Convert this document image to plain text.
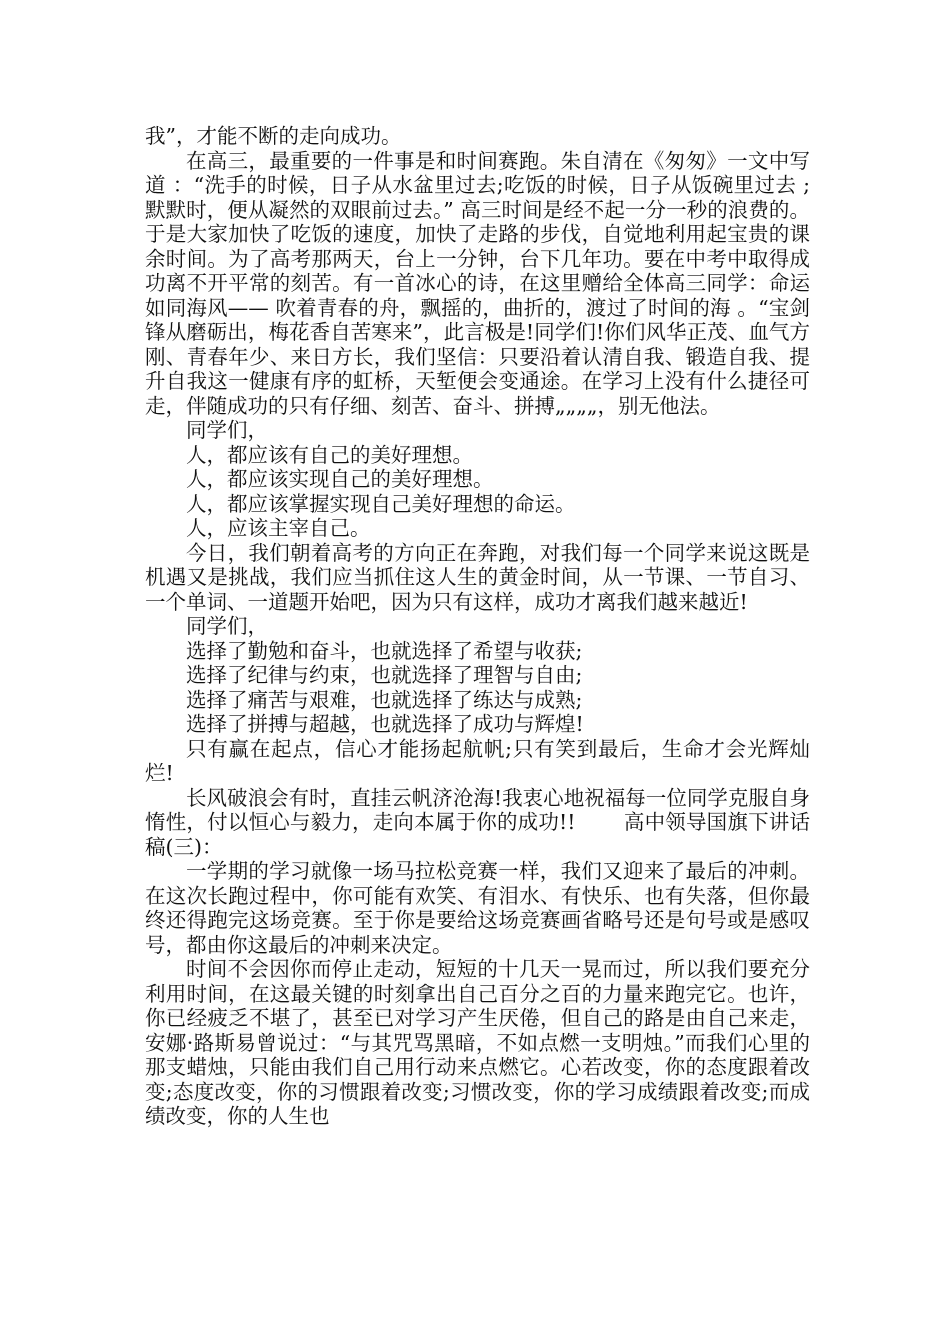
我”，才能不断的走向成功。

在高三，最重要的一件事是和时间赛跑。朱自清在《匆匆》一文中写道 ：“洗手的时候，日子从水盆里过去;吃饭的时候，日子从饭碗里过去 ;默默时，便从凝然的双眼前过去。” 高三时间是经不起一分一秒的浪费的。于是大家加快了吃饭的速度，加快了走路的步伐，自觉地利用起宝贵的课余时间。为了高考那两天，台上一分钟，台下几年功。要在中考中取得成功离不开平常的刻苦。有一首冰心的诗，在这里赠给全体高三同学：命运如同海风—— 吹着青春的舟，飘摇的，曲折的，渡过了时间的海 。“宝剑锋从磨砺出，梅花香自苦寒来”，此言极是!同学们!你们风华正茂、血气方刚、青春年少、来日方长，我们坚信：只要沿着认清自我、锻造自我、提升自我这一健康有序的虹桥，天堑便会变通途。在学习上没有什么捷径可走，伴随成功的只有仔细、刻苦、奋斗、拼搏„„„„，别无他法。

同学们，

人，都应该有自己的美好理想。

人，都应该实现自己的美好理想。

人，都应该掌握实现自己美好理想的命运。

人，应该主宰自己。

今日，我们朝着高考的方向正在奔跑，对我们每一个同学来说这既是机遇又是挑战，我们应当抓住这人生的黄金时间，从一节课、一节自习、一个单词、一道题开始吧，因为只有这样，成功才离我们越来越近!

同学们，

选择了勤勉和奋斗，也就选择了希望与收获;

选择了纪律与约束，也就选择了理智与自由;

选择了痛苦与艰难，也就选择了练达与成熟;

选择了拼搏与超越，也就选择了成功与辉煌!

只有赢在起点，信心才能扬起航帆;只有笑到最后，生命才会光辉灿烂!

长风破浪会有时，直挂云帆济沧海!我衷心地祝福每一位同学克服自身惰性，付以恒心与毅力，走向本属于你的成功!!　　 高中领导国旗下讲话稿(三)：

一学期的学习就像一场马拉松竞赛一样，我们又迎来了最后的冲刺。在这次长跑过程中，你可能有欢笑、有泪水、有快乐、也有失落，但你最终还得跑完这场竞赛。至于你是要给这场竞赛画省略号还是句号或是感叹号，都由你这最后的冲刺来决定。

时间不会因你而停止走动，短短的十几天一晃而过，所以我们要充分利用时间，在这最关键的时刻拿出自己百分之百的力量来跑完它。也许，你已经疲乏不堪了，甚至已对学习产生厌倦，但自己的路是由自己来走，安娜·路斯易曾说过：“与其咒骂黑暗，不如点燃一支明烛。”而我们心里的那支蜡烛，只能由我们自己用行动来点燃它。心若改变，你的态度跟着改变;态度改变，你的习惯跟着改变;习惯改变，你的学习成绩跟着改变;而成绩改变，你的人生也
